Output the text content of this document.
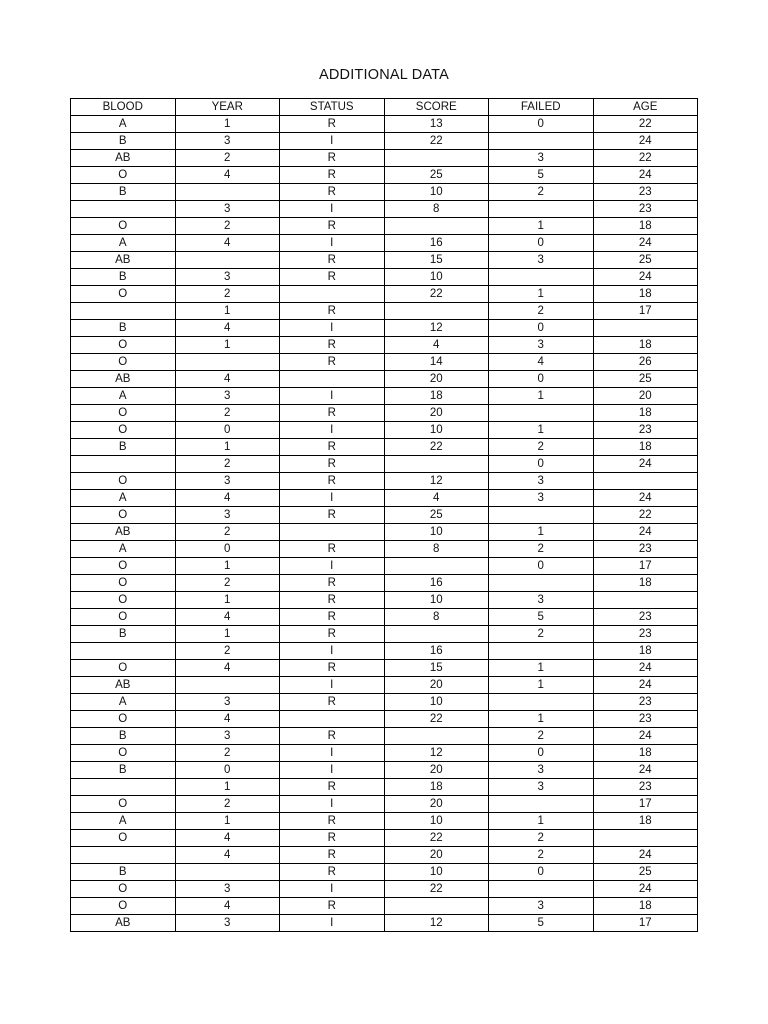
ADDITIONAL DATA
BLOOD	YEAR	STATUS	SCORE	FAILED	AGE
A	1	R	13	0	22
B	3	I	22		24
AB	2	R		3	22
O	4	R	25	5	24
B		R	10	2	23
	3	I	8		23
O	2	R		1	18
A	4	I	16	0	24
AB		R	15	3	25
B	3	R	10		24
O	2		22	1	18
	1	R		2	17
B	4	I	12	0	
O	1	R	4	3	18
O		R	14	4	26
AB	4		20	0	25
A	3	I	18	1	20
O	2	R	20		18
O	0	I	10	1	23
B	1	R	22	2	18
	2	R		0	24
O	3	R	12	3	
A	4	I	4	3	24
O	3	R	25		22
AB	2		10	1	24
A	0	R	8	2	23
O	1	I		0	17
O	2	R	16		18
O	1	R	10	3	
O	4	R	8	5	23
B	1	R		2	23
	2	I	16		18
O	4	R	15	1	24
AB		I	20	1	24
A	3	R	10		23
O	4		22	1	23
B	3	R		2	24
O	2	I	12	0	18
B	0	I	20	3	24
	1	R	18	3	23
O	2	I	20		17
A	1	R	10	1	18
O	4	R	22	2	
	4	R	20	2	24
B		R	10	0	25
O	3	I	22		24
O	4	R		3	18
AB	3	I	12	5	17
